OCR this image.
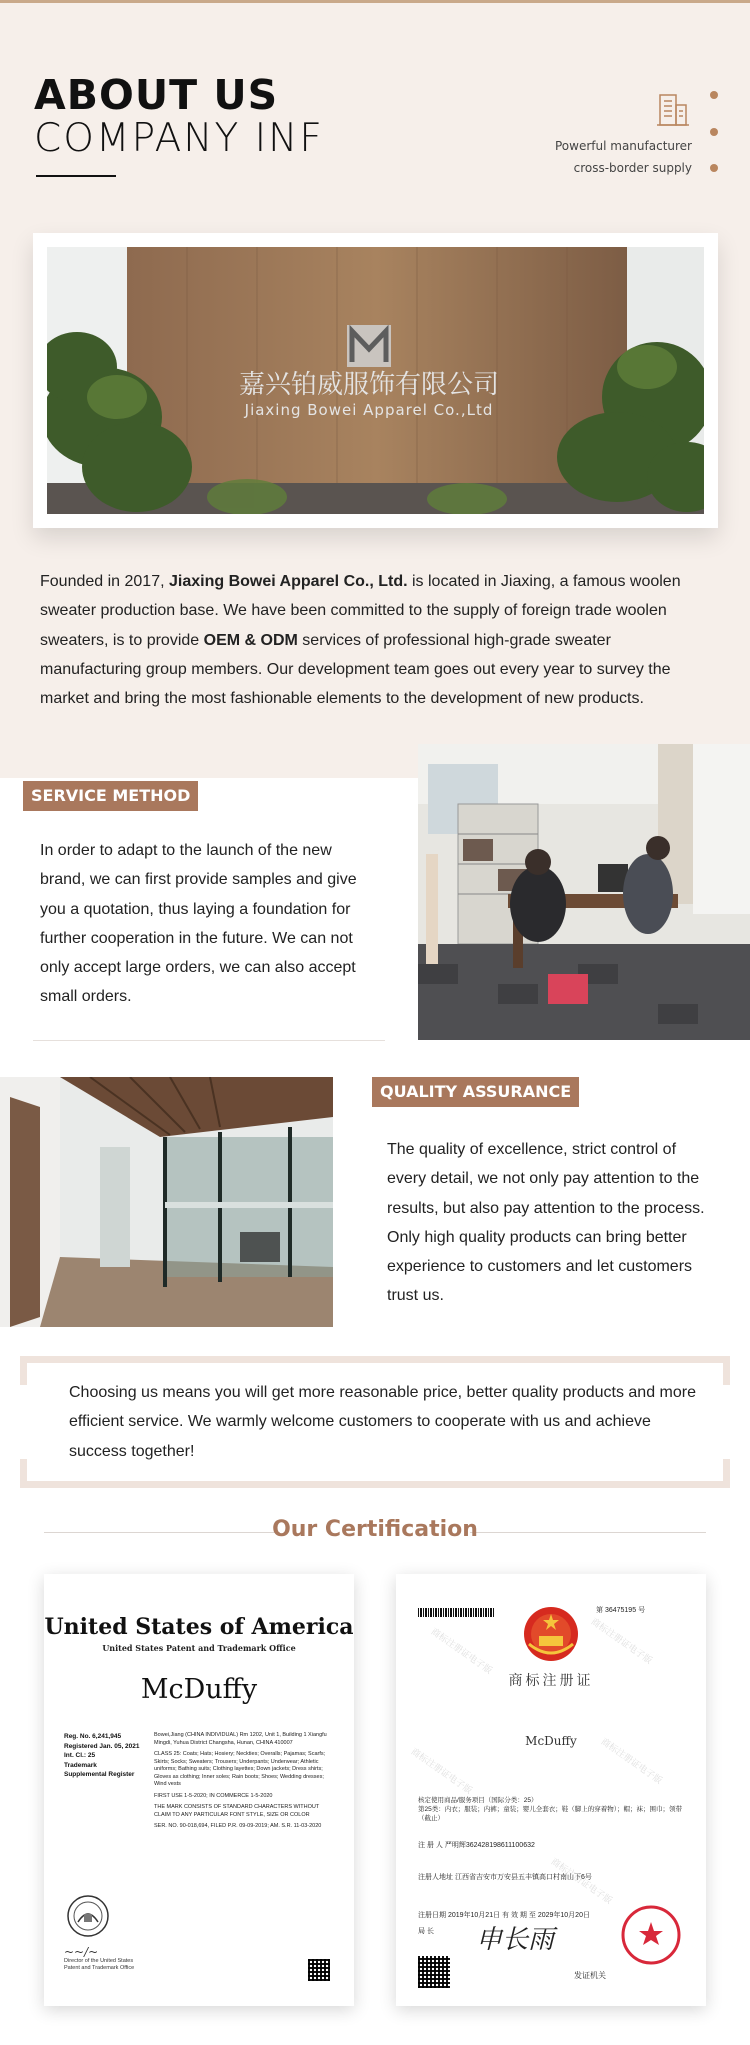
ABOUT US
COMPANY INF	Powerful manufacturer
cross-border supply
嘉兴铂威服饰有限公司
Jiaxing Bowei Apparel Co.,Ltd

Founded in 2017, Jiaxing Bowei Apparel Co., Ltd. is located in Jiaxing, a famous woolen sweater production base. We have been committed to the supply of foreign trade woolen sweaters, is to provide OEM & ODM services of professional high-grade sweater manufacturing group members. Our development team goes out every year to survey the market and bring the most fashionable elements to the development of new products.

SERVICE METHOD

In order to adapt to the launch of the new brand, we can first provide samples and give you a quotation, thus laying a foundation for further cooperation in the future. We can not only accept large orders, we can also accept small orders.

QUALITY ASSURANCE

The quality of excellence, strict control of every detail, we not only pay attention to the results, but also pay attention to the process. Only high quality products can bring better experience to customers and let customers trust us.

Choosing us means you will get more reasonable price, better quality products and more efficient service. We warmly welcome customers to cooperate with us and achieve success together!

Our Certification
United States of America
United States Patent and Trademark Office
McDuffy
Reg. No. 6,241,945
Registered Jan. 05, 2021
Int. Cl.: 25
Trademark
Supplemental Register
Bowei,Jiang (CHINA INDIVIDUAL) Rm 1202, Unit 1, Building 1 Xiangfu Mingdi, Yuhua District Changsha, Hunan, CHINA 410007
CLASS 25: Coats; Hats; Hosiery; Neckties; Overalls; Pajamas; Scarfs; Skirts; Socks; Sweaters; Trousers; Underpants; Underwear; Athletic uniforms; Bathing suits; Clothing layettes; Down jackets; Dress shirts; Gloves as clothing; Inner soles; Rain boots; Shoes; Wedding dresses; Wind vests
FIRST USE 1-5-2020; IN COMMERCE 1-5-2020
THE MARK CONSISTS OF STANDARD CHARACTERS WITHOUT CLAIM TO ANY PARTICULAR FONT STYLE, SIZE OR COLOR
SER. NO. 90-018,694, FILED P.R. 09-09-2019; AM. S.R. 11-03-2020
~~/~
Director of the United States
Patent and Trademark Office
第 36475195 号
商标注册证
McDuffy
核定使用商品/服务项目（国际分类：25）
第25类：内衣；服装；内裤；童装；婴儿全套衣；鞋（脚上的穿着物）；帽；袜；围巾；领带（截止）
注 册 人 严明辉362428198611100632
注册人地址 江西省吉安市万安县五丰镇高口村南山下6号
注册日期 2019年10月21日 有 效 期 至 2029年10月20日
局 长 申长雨
发证机关
商标注册证电子版	商标注册证电子版
商标注册证电子版	商标注册证电子版
商标注册证电子版
